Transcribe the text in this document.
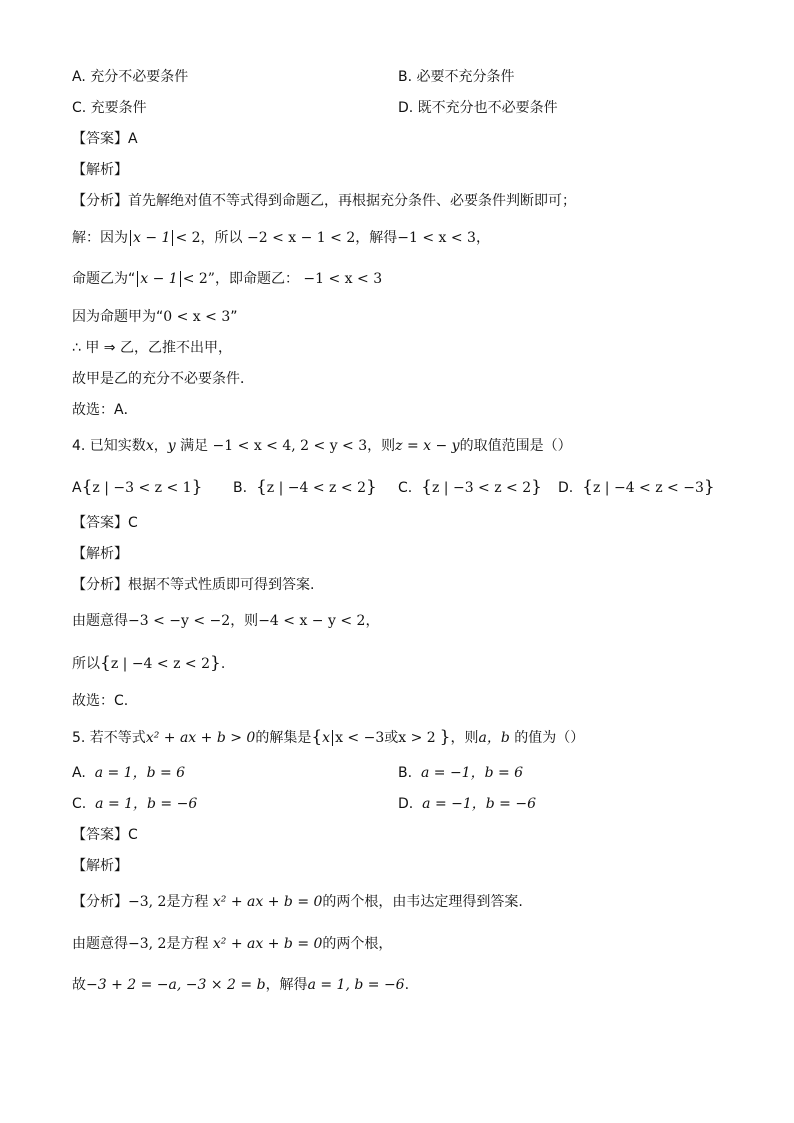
A. 充分不必要条件	B. 必要不充分条件
C. 充要条件	D. 既不充分也不必要条件
【答案】A
【解析】
【分析】首先解绝对值不等式得到命题乙，再根据充分条件、必要条件判断即可；
解：因为 x − 1 < 2，所以 −2 < x − 1 < 2，解得−1 < x < 3，
命题乙为“ x − 1 < 2”，即命题乙： −1 < x < 3
因为命题甲为“0 < x < 3”
∴ 甲 ⇒ 乙，乙推不出甲，
故甲是乙的充分不必要条件．
故选：A．
4. 已知实数x，y 满足 −1 < x < 4, 2 < y < 3，则z = x − y的取值范围是（）
A{z | −3 < z < 1} B. {z | −4 < z < 2} C. {z | −3 < z < 2} D. {z | −4 < z < −3}
【答案】C
【解析】
【分析】根据不等式性质即可得到答案.
由题意得−3 < −y < −2，则−4 < x − y < 2，
所以{z | −4 < z < 2}.
故选：C.
5. 若不等式x² + ax + b > 0的解集是{x x < −3或x > 2 }，则a，b 的值为（）
A. a = 1，b = 6	B. a = −1，b = 6
C. a = 1，b = −6	D. a = −1，b = −6
【答案】C
【解析】
【分析】−3, 2是方程 x² + ax + b = 0的两个根，由韦达定理得到答案.
由题意得−3, 2是方程 x² + ax + b = 0的两个根，
故−3 + 2 = −a, −3 × 2 = b，解得a = 1, b = −6.
